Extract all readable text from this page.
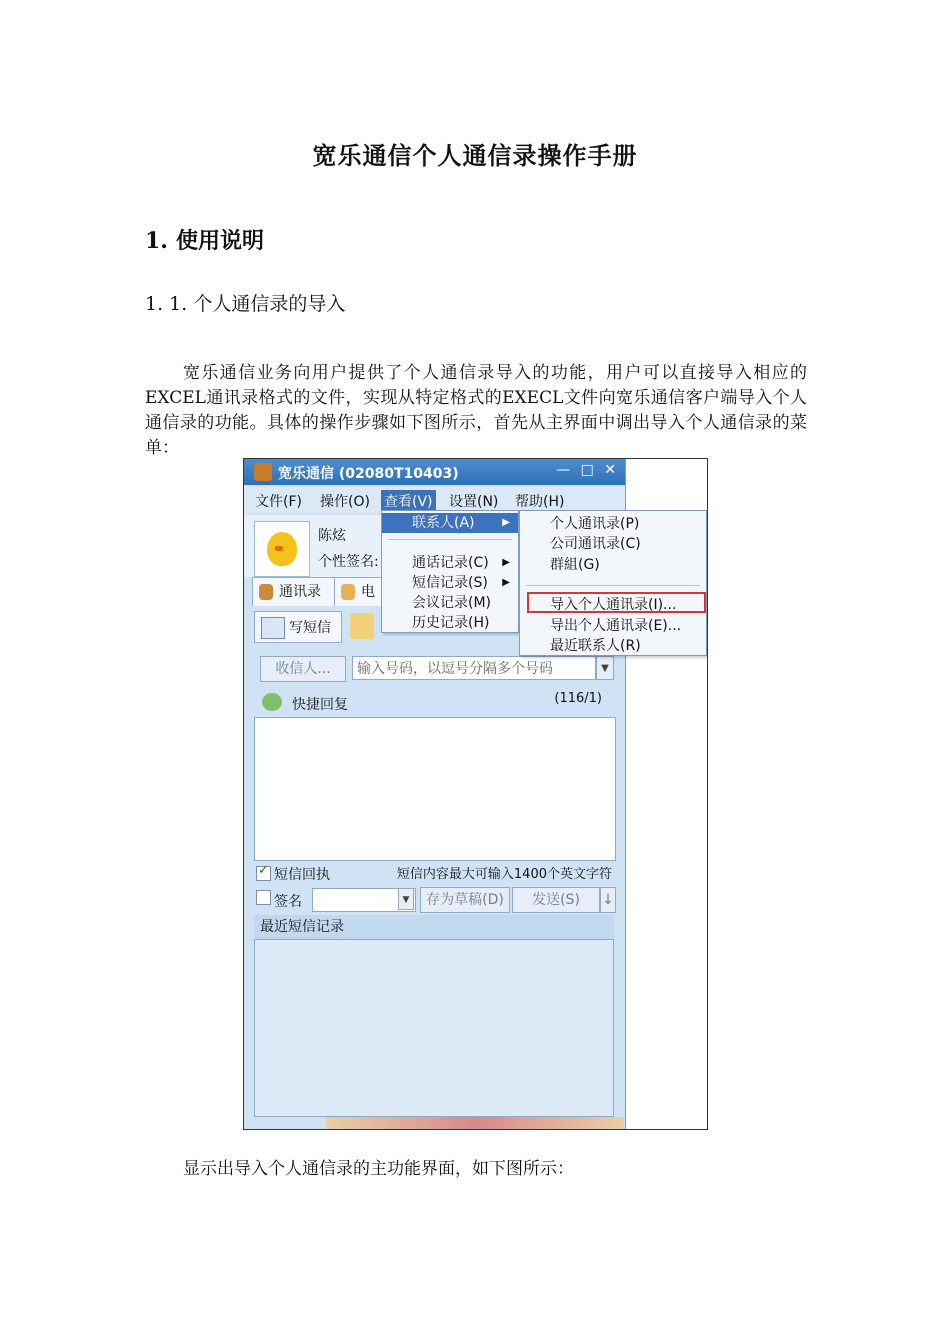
宽乐通信个人通信录操作手册
1. 使用说明
1. 1. 个人通信录的导入
宽乐通信业务向用户提供了个人通信录导入的功能，用户可以直接导入相应的EXCEL通讯录格式的文件，实现从特定格式的EXECL文件向宽乐通信客户端导入个人通信录的功能。具体的操作步骤如下图所示，首先从主界面中调出导入个人通信录的菜单：
宽乐通信 (02080T10403)	— □ ✕
文件(F) 操作(O) 查看(V) 设置(N) 帮助(H)
陈炫
个性签名:
通讯录	电
写短信
收信人...	输入号码，以逗号分隔多个号码	▼
快捷回复	(116/1)
✓
短信回执	短信内容最大可输入1400个英文字符
签名	▼	存为草稿(D)	发送(S)	↓
最近短信记录
联系人(A)	▶
通话记录(C) ▶
短信记录(S) ▶
会议记录(M)
历史记录(H)
个人通讯录(P)
公司通讯录(C)
群組(G)
导入个人通讯录(I)...
导出个人通讯录(E)...
最近联系人(R)
显示出导入个人通信录的主功能界面，如下图所示：
